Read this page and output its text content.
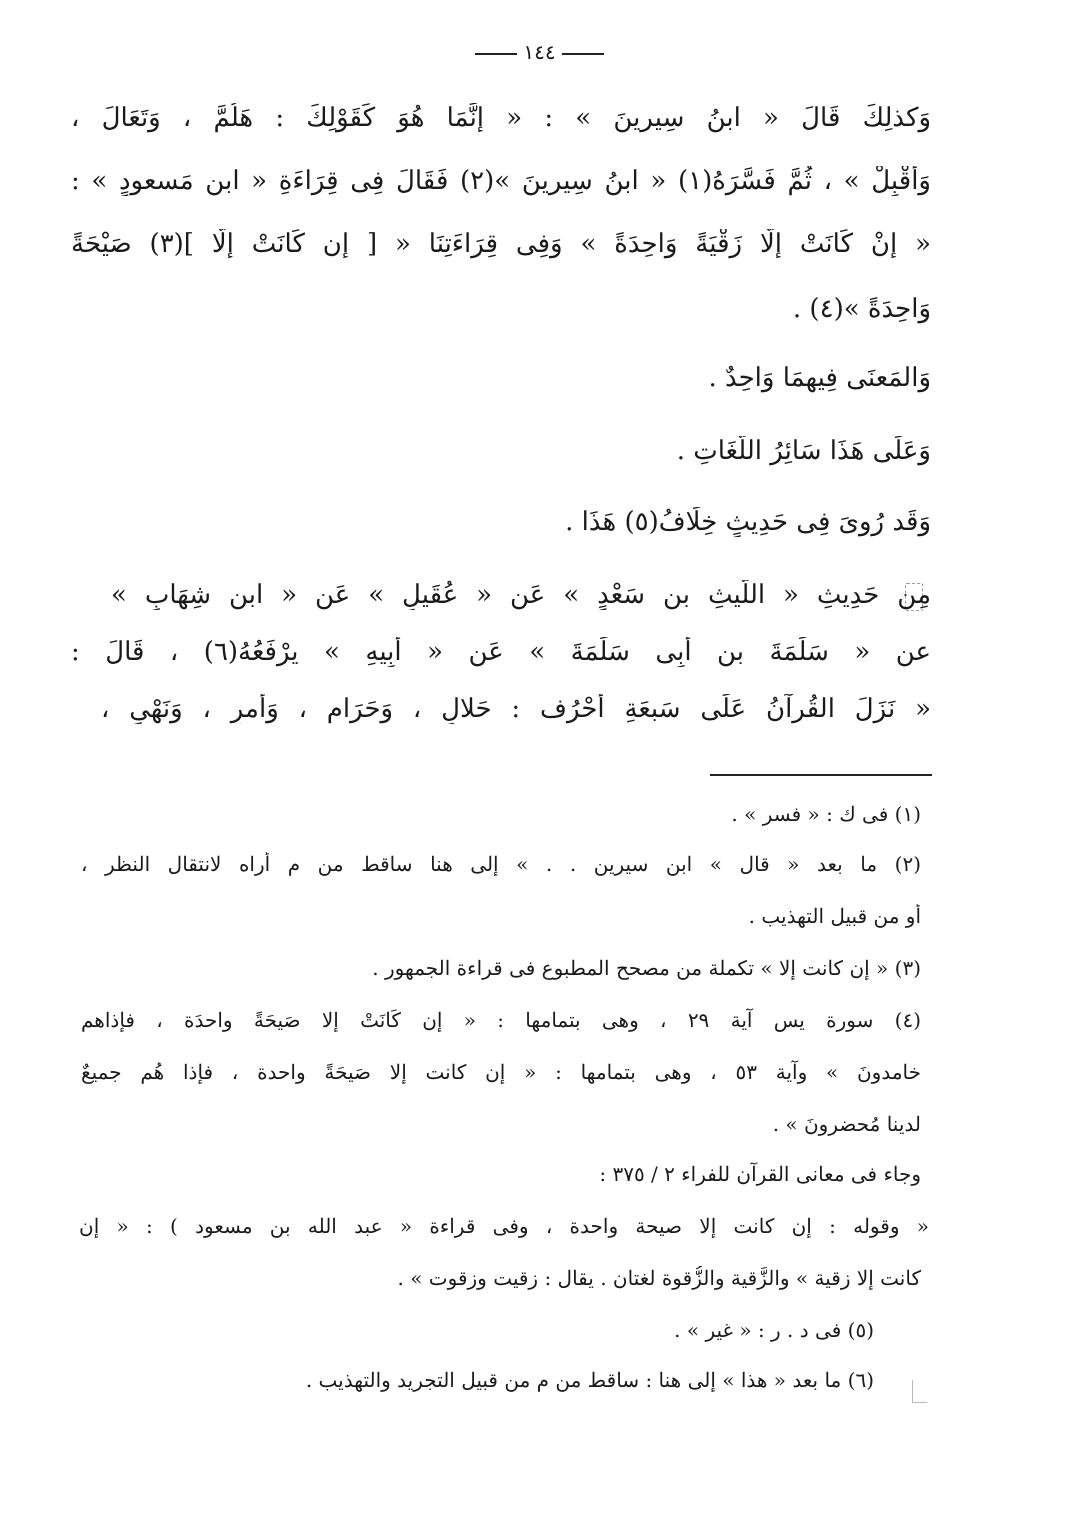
١٤٤
وَكذلِكَ قَالَ « ابنُ سِيرِينَ » : « إِنَّمَا هُوَ كَقَوْلِكَ : هَلُمَّ ، وَتَعَالَ ،
وَأَقْبِلْ » ، ثُمَّ فَسَّرَهُ(١) « ابنُ سِيرِينَ »(٢) فَقَالَ فِى قِرَاءَةِ « ابنِ مَسعودٍ » :
« إِنْ كَانَتْ إِلَّا زَقْيَةً وَاحِدَةً » وَفِى قِرَاءَتِنَا « [ إِن كَانَتْ إِلَّا ](٣) صَيْحَةً
وَاحِدَةً »(٤) .
وَالمَعنَى فِيهِمَا وَاحِدٌ .
وَعَلَى هَذَا سَائِرُ اللُّغَاتِ .
وَقَد رُوِىَ فِى حَدِيثٍ خِلَافُ(٥) هَذَا .
مِن حَدِيثِ « اللَّيثِ بنِ سَعْدٍ » عَن « عُقَيلٍ » عَن « ابنِ شِهَابٍ »
عن « سَلَمَةَ بنِ أَبِى سَلَمَةَ » عَن « أَبِيهِ » يرْفَعُهُ(٦) ، قَالَ :
« نَزَلَ القُرآنُ عَلَى سَبعَةِ أَحْرُف : حَلالٍ ، وَحَرَامٍ ، وَأَمرٍ ، وَنَهْىٍ ،
(١) فى ك : « فسر » .
(٢) ما بعد « قال » ابن سيرين . . » إلى هنا ساقط من م أراه لانتقال النظر ،
أو من قبيل التهذيب .
(٣) « إن كانت إلا » تكملة من مصحح المطبوع فى قراءة الجمهور .
(٤) سورة يس آية ٢٩ ، وهى بتمامها : « إن كَانَتْ إلا صَيحَةً واحدَة ، فإذاهم
خامدونَ » وآية ٥٣ ، وهى بتمامها : « إن كانت إلا صَيحَةً واحدة ، فإذا هُم جميعٌ
لدينا مُحضرونَ » .
وجاء فى معانى القرآن للفراء ٢ / ٣٧٥ :
« وقوله : إن كانت إلا صيحة واحدة ، وفى قراءة « عبد الله بن مسعود ) : « إن
كانت إلا زقية » والزَّقية والزُّقوة لغتان . يقال : زقيت وزقوت » .
(٥) فى د . ر : « غير » .
(٦) ما بعد « هذا » إلى هنا : ساقط من م من قبيل التجريد والتهذيب .
